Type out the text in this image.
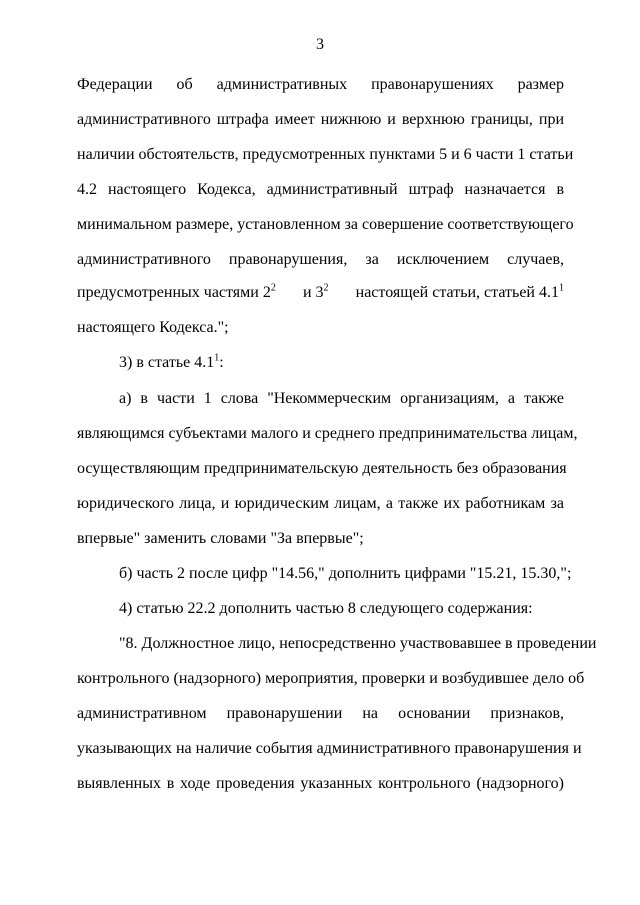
3
Федерации об административных правонарушениях размер
административного штрафа имеет нижнюю и верхнюю границы, при
наличии обстоятельств, предусмотренных пунктами 5 и 6 части 1 статьи
4.2 настоящего Кодекса, административный штраф назначается в
минимальном размере, установленном за совершение соответствующего
административного правонарушения, за исключением случаев,
предусмотренных частями $2^2$ и $3^2$ настоящей статьи, статьей $4.1^1$
настоящего Кодекса.";
3) в статье $4.1^1$:
а) в части 1 слова "Некоммерческим организациям, а также
являющимся субъектами малого и среднего предпринимательства лицам,
осуществляющим предпринимательскую деятельность без образования
юридического лица, и юридическим лицам, а также их работникам за
впервые" заменить словами "За впервые";
б) часть 2 после цифр "14.56," дополнить цифрами "15.21, 15.30,";
4) статью 22.2 дополнить частью 8 следующего содержания:
"8. Должностное лицо, непосредственно участвовавшее в проведении
контрольного (надзорного) мероприятия, проверки и возбудившее дело об
административном правонарушении на основании признаков,
указывающих на наличие события административного правонарушения и
выявленных в ходе проведения указанных контрольного (надзорного)
